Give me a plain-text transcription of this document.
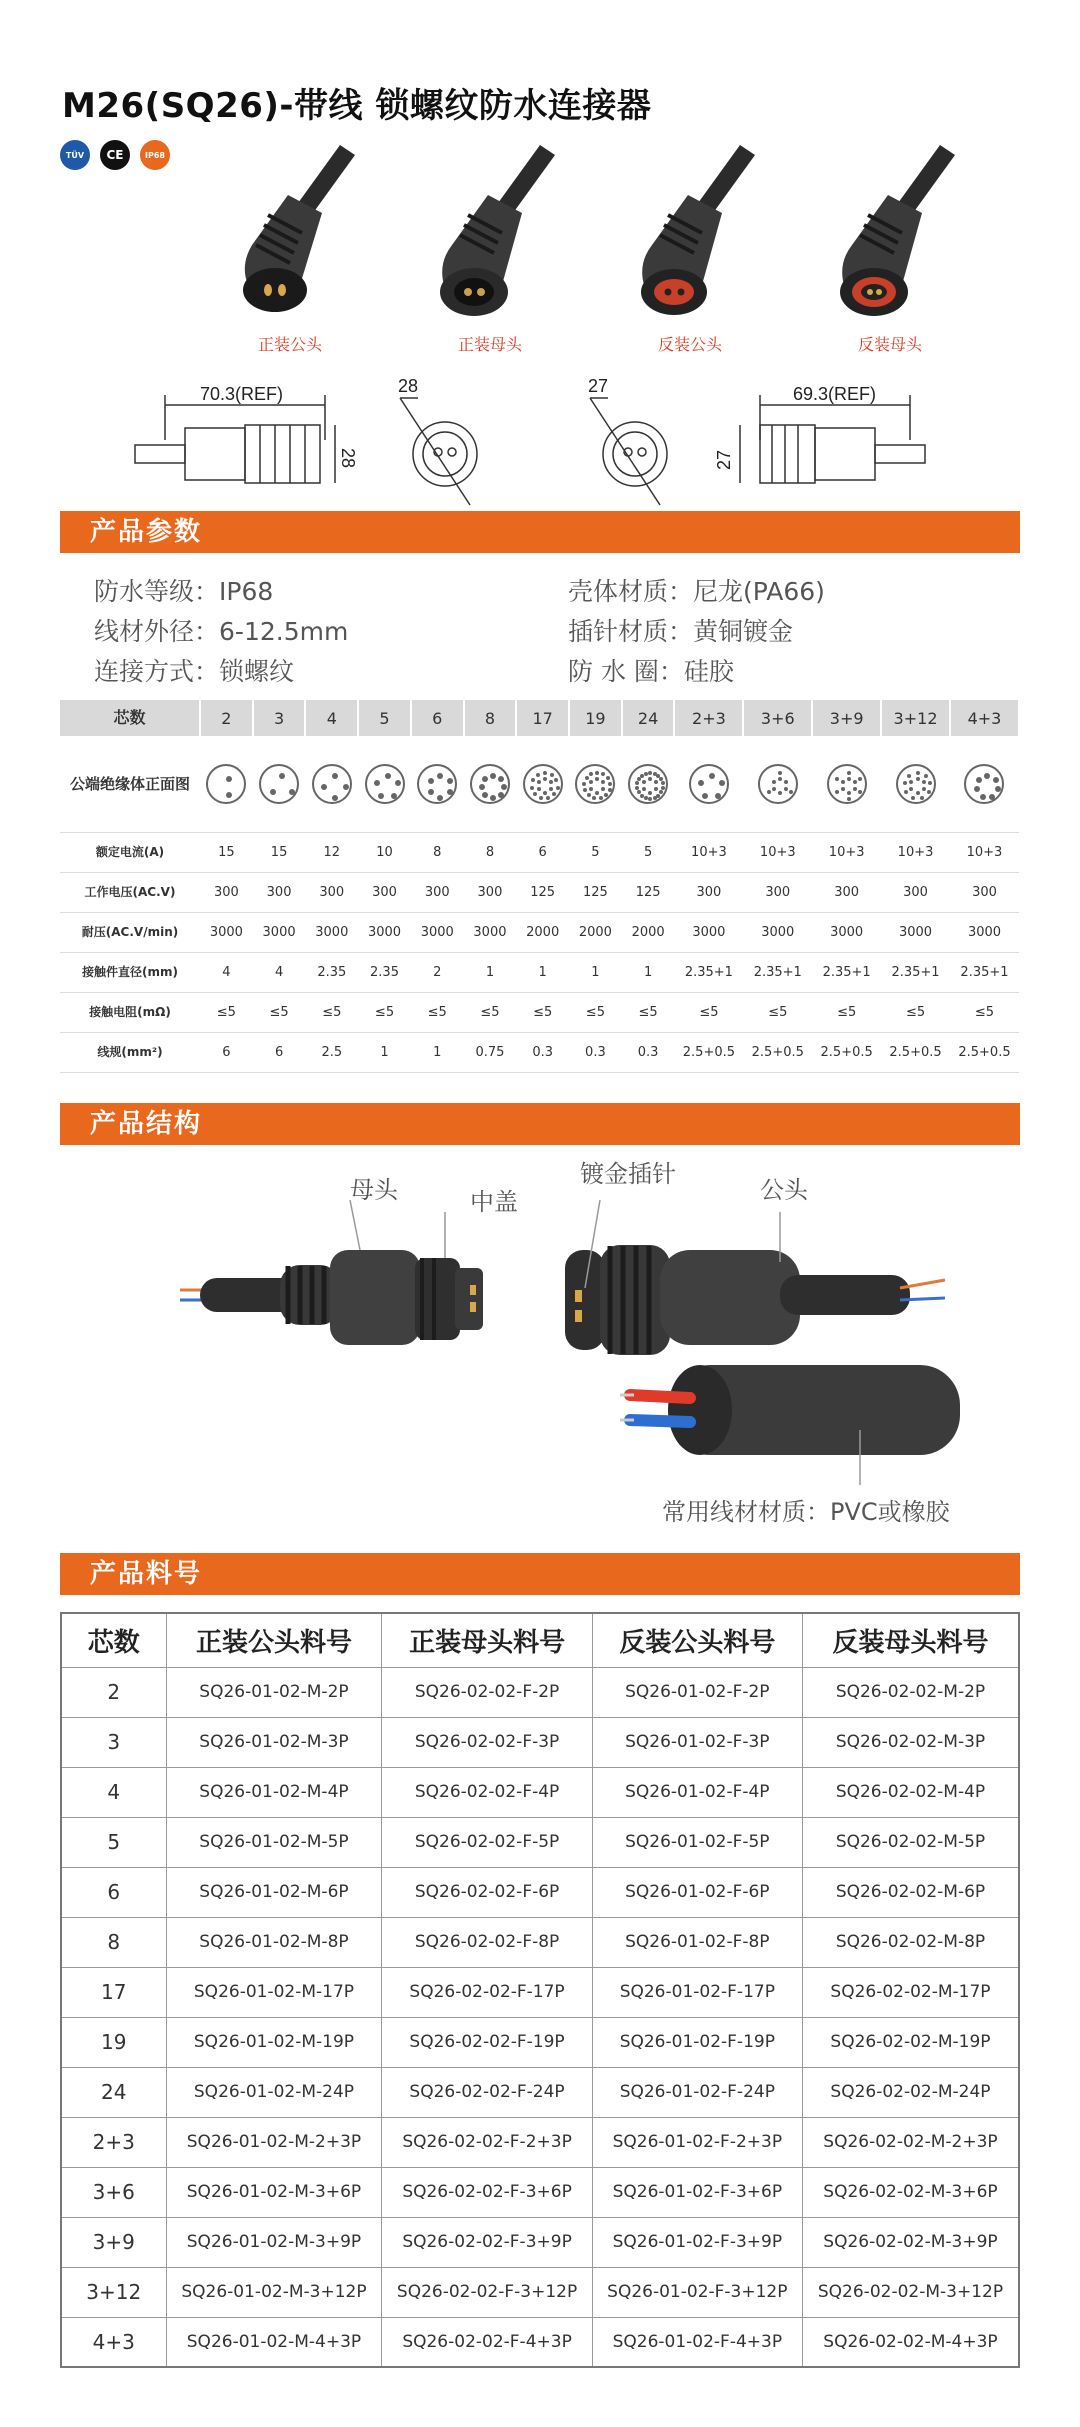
M26(SQ26)-带线 锁螺纹防水连接器
TÜV	CE	IP68
正装公头	正装母头	反装公头	反装母头
70.3(REF)
28
28	27	69.3(REF)
27
产品参数
防水等级：IP68
线材外径：6-12.5mm
连接方式：锁螺纹
壳体材质：尼龙(PA66)
插针材质：黄铜镀金
防 水 圈：硅胶
芯数	2	3	4	5	6	8	17	19	24	2+3	3+6	3+9	3+12	4+3
公端绝缘体正面图	

额定电流(A)	15	15	12	10	8	8	6	5	5	10+3	10+3	10+3	10+3	10+3
工作电压(AC.V)	300	300	300	300	300	300	125	125	125	300	300	300	300	300
耐压(AC.V/min)	3000	3000	3000	3000	3000	3000	2000	2000	2000	3000	3000	3000	3000	3000
接触件直径(mm)	4	4	2.35	2.35	2	1	1	1	1	2.35+1	2.35+1	2.35+1	2.35+1	2.35+1
接触电阻(mΩ)	≤5	≤5	≤5	≤5	≤5	≤5	≤5	≤5	≤5	≤5	≤5	≤5	≤5	≤5
线规(mm²)	6	6	2.5	1	1	0.75	0.3	0.3	0.3	2.5+0.5	2.5+0.5	2.5+0.5	2.5+0.5	2.5+0.5
产品结构
母头	中盖
镀金插针
公头
常用线材材质：PVC或橡胶
产品料号
芯数	正装公头料号	正装母头料号	反装公头料号	反装母头料号
2	SQ26-01-02-M-2P	SQ26-02-02-F-2P	SQ26-01-02-F-2P	SQ26-02-02-M-2P
3	SQ26-01-02-M-3P	SQ26-02-02-F-3P	SQ26-01-02-F-3P	SQ26-02-02-M-3P
4	SQ26-01-02-M-4P	SQ26-02-02-F-4P	SQ26-01-02-F-4P	SQ26-02-02-M-4P
5	SQ26-01-02-M-5P	SQ26-02-02-F-5P	SQ26-01-02-F-5P	SQ26-02-02-M-5P
6	SQ26-01-02-M-6P	SQ26-02-02-F-6P	SQ26-01-02-F-6P	SQ26-02-02-M-6P
8	SQ26-01-02-M-8P	SQ26-02-02-F-8P	SQ26-01-02-F-8P	SQ26-02-02-M-8P
17	SQ26-01-02-M-17P	SQ26-02-02-F-17P	SQ26-01-02-F-17P	SQ26-02-02-M-17P
19	SQ26-01-02-M-19P	SQ26-02-02-F-19P	SQ26-01-02-F-19P	SQ26-02-02-M-19P
24	SQ26-01-02-M-24P	SQ26-02-02-F-24P	SQ26-01-02-F-24P	SQ26-02-02-M-24P
2+3	SQ26-01-02-M-2+3P	SQ26-02-02-F-2+3P	SQ26-01-02-F-2+3P	SQ26-02-02-M-2+3P
3+6	SQ26-01-02-M-3+6P	SQ26-02-02-F-3+6P	SQ26-01-02-F-3+6P	SQ26-02-02-M-3+6P
3+9	SQ26-01-02-M-3+9P	SQ26-02-02-F-3+9P	SQ26-01-02-F-3+9P	SQ26-02-02-M-3+9P
3+12	SQ26-01-02-M-3+12P	SQ26-02-02-F-3+12P	SQ26-01-02-F-3+12P	SQ26-02-02-M-3+12P
4+3	SQ26-01-02-M-4+3P	SQ26-02-02-F-4+3P	SQ26-01-02-F-4+3P	SQ26-02-02-M-4+3P
